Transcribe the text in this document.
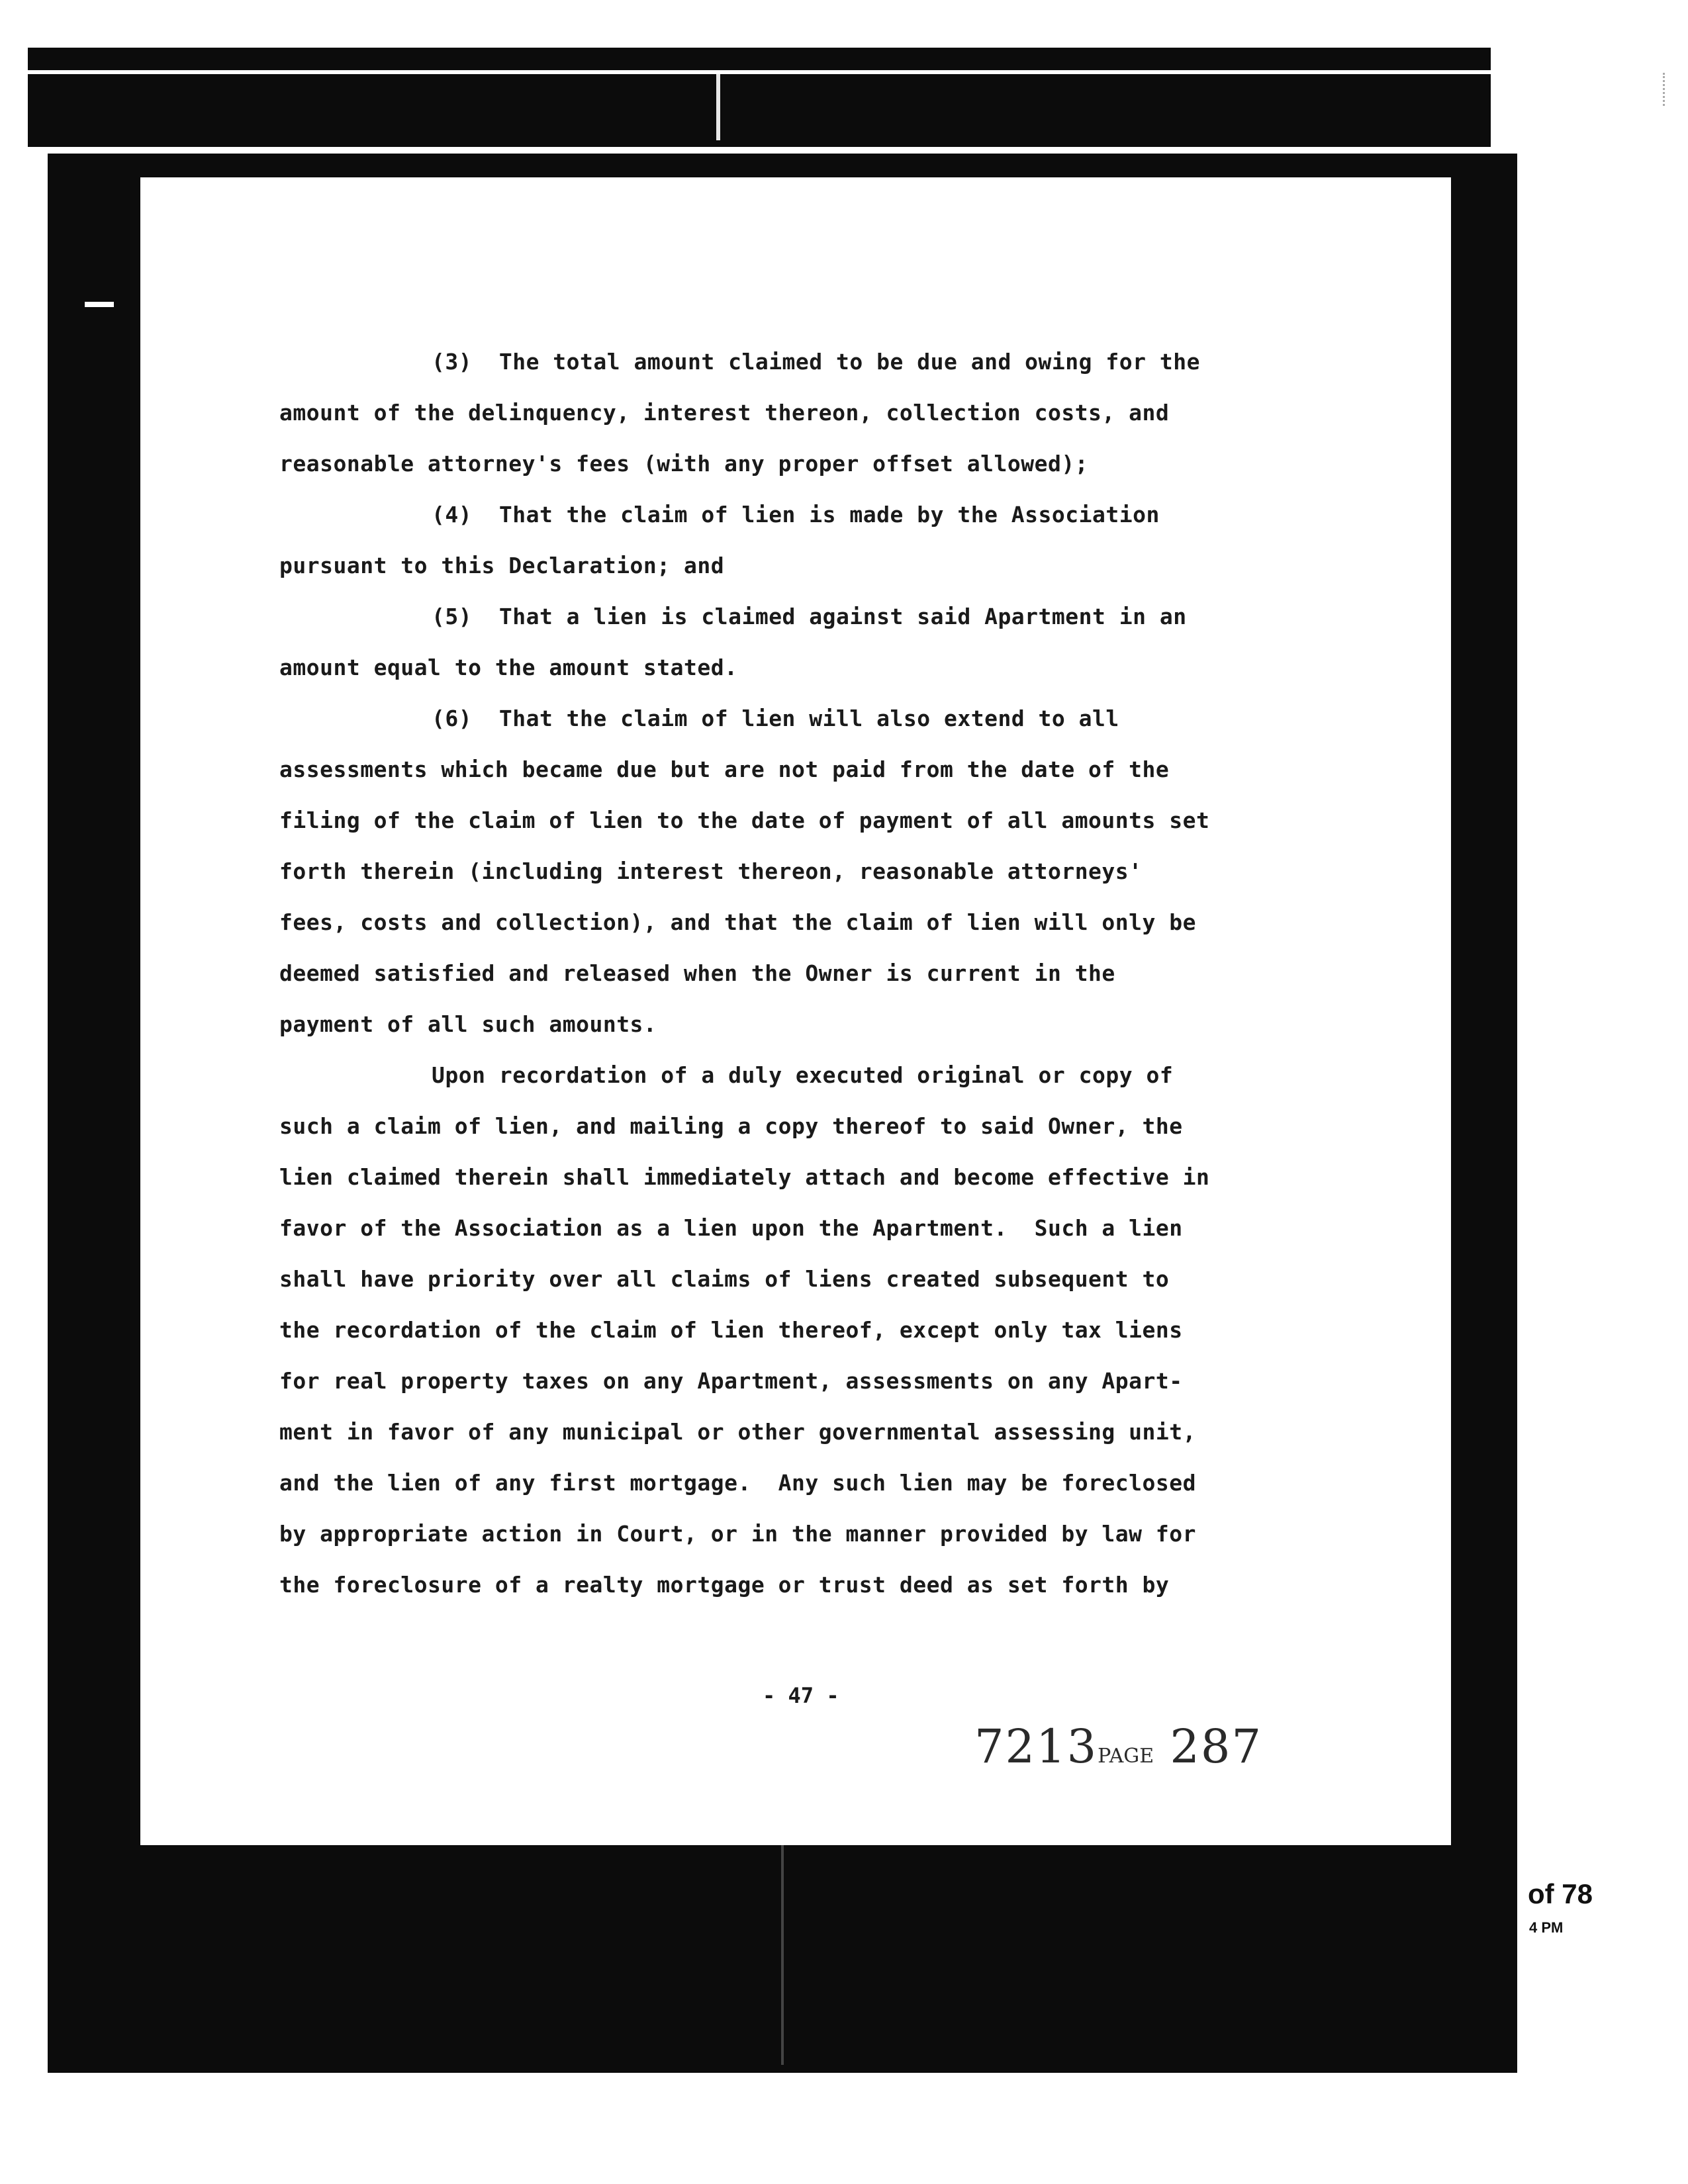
(3)  The total amount claimed to be due and owing for the
amount of the delinquency, interest thereon, collection costs, and
reasonable attorney's fees (with any proper offset allowed);
(4)  That the claim of lien is made by the Association
pursuant to this Declaration; and
(5)  That a lien is claimed against said Apartment in an
amount equal to the amount stated.
(6)  That the claim of lien will also extend to all
assessments which became due but are not paid from the date of the
filing of the claim of lien to the date of payment of all amounts set
forth therein (including interest thereon, reasonable attorneys'
fees, costs and collection), and that the claim of lien will only be
deemed satisfied and released when the Owner is current in the
payment of all such amounts.
Upon recordation of a duly executed original or copy of
such a claim of lien, and mailing a copy thereof to said Owner, the
lien claimed therein shall immediately attach and become effective in
favor of the Association as a lien upon the Apartment.  Such a lien
shall have priority over all claims of liens created subsequent to
the recordation of the claim of lien thereof, except only tax liens
for real property taxes on any Apartment, assessments on any Apart-
ment in favor of any municipal or other governmental assessing unit,
and the lien of any first mortgage.  Any such lien may be foreclosed
by appropriate action in Court, or in the manner provided by law for
the foreclosure of a realty mortgage or trust deed as set forth by
- 47 -
7213PAGE 287
of 78
4 PM
